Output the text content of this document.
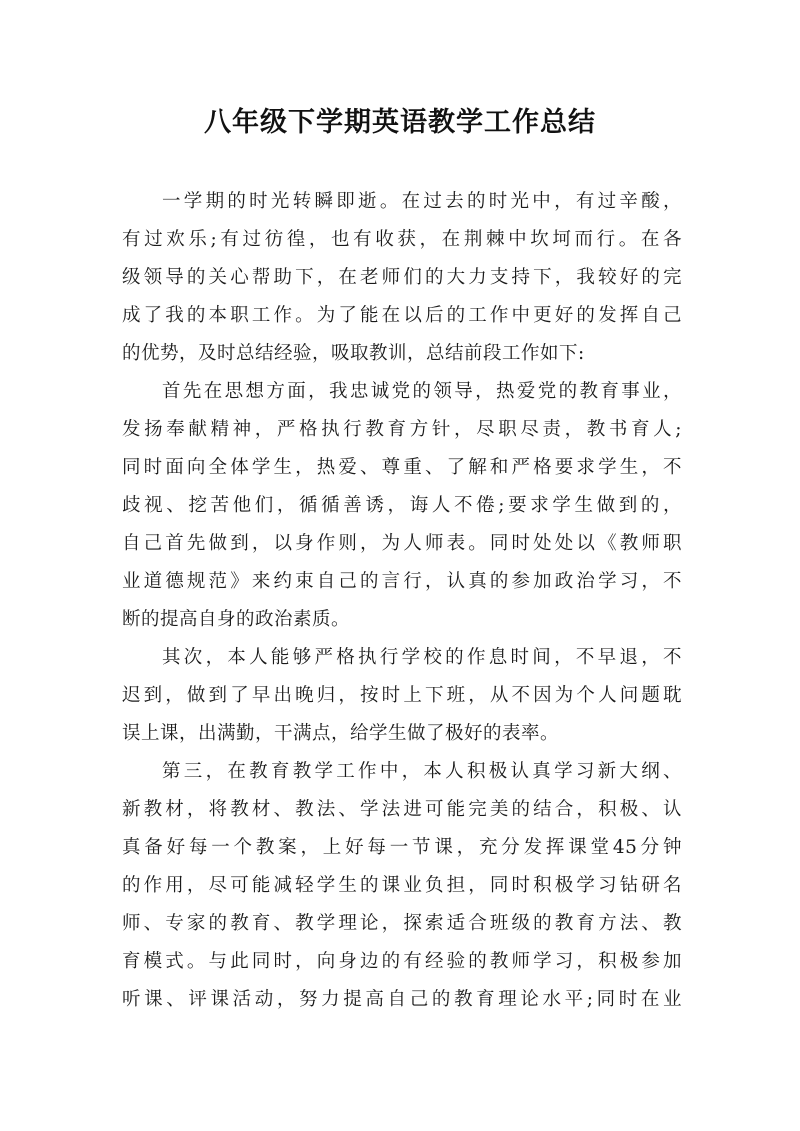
八年级下学期英语教学工作总结
一学期的时光转瞬即逝。在过去的时光中，有过辛酸，
有过欢乐;有过彷徨，也有收获，在荆棘中坎坷而行。在各
级领导的关心帮助下，在老师们的大力支持下，我较好的完
成了我的本职工作。为了能在以后的工作中更好的发挥自己
的优势，及时总结经验，吸取教训，总结前段工作如下:
首先在思想方面，我忠诚党的领导，热爱党的教育事业，
发扬奉献精神，严格执行教育方针，尽职尽责，教书育人;
同时面向全体学生，热爱、尊重、了解和严格要求学生，不
歧视、挖苦他们，循循善诱，诲人不倦;要求学生做到的，
自己首先做到，以身作则，为人师表。同时处处以《教师职
业道德规范》来约束自己的言行，认真的参加政治学习，不
断的提高自身的政治素质。
其次，本人能够严格执行学校的作息时间，不早退，不
迟到，做到了早出晚归，按时上下班，从不因为个人问题耽
误上课，出满勤，干满点，给学生做了极好的表率。
第三，在教育教学工作中，本人积极认真学习新大纲、
新教材，将教材、教法、学法进可能完美的结合，积极、认
真备好每一个教案，上好每一节课，充分发挥课堂45分钟
的作用，尽可能减轻学生的课业负担，同时积极学习钻研名
师、专家的教育、教学理论，探索适合班级的教育方法、教
育模式。与此同时，向身边的有经验的教师学习，积极参加
听课、评课活动，努力提高自己的教育理论水平;同时在业
